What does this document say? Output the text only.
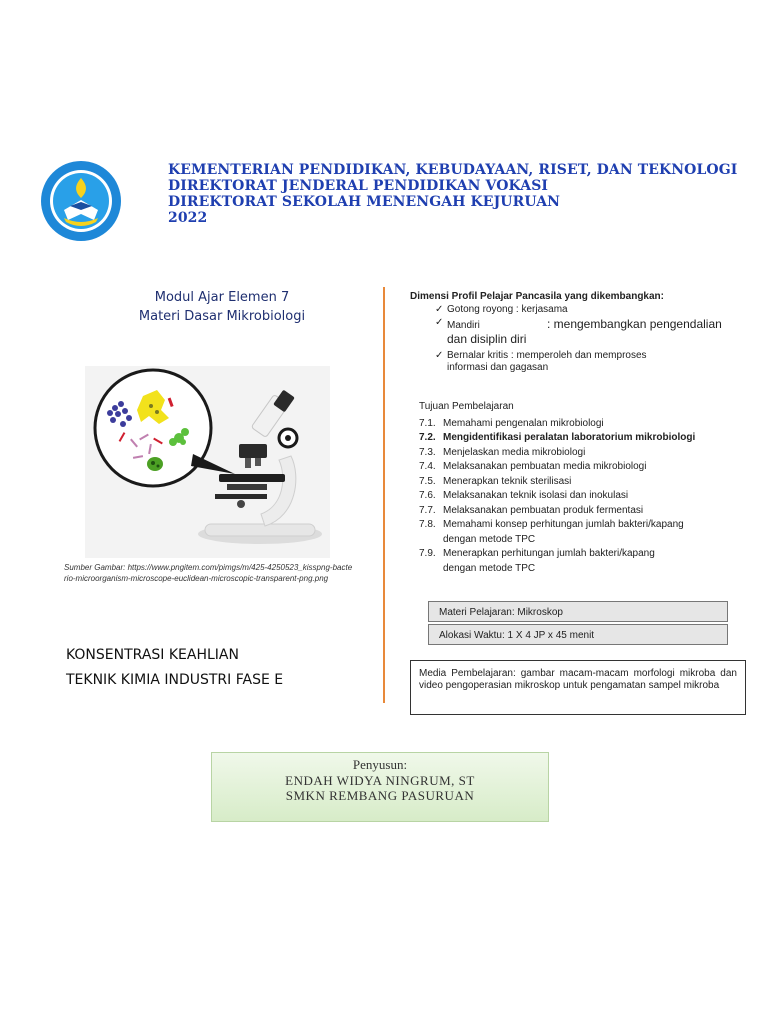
KEMENTERIAN PENDIDIKAN, KEBUDAYAAN, RISET, DAN TEKNOLOGI
DIREKTORAT JENDERAL PENDIDIKAN VOKASI
DIREKTORAT SEKOLAH MENENGAH KEJURUAN
2022
Modul Ajar Elemen 7
Materi Dasar Mikrobiologi
Sumber Gambar: https://www.pngitem.com/pimgs/m/425-4250523_kisspng-bacterio-microorganism-microscope-euclidean-microscopic-transparent-png.png
KONSENTRASI KEAHLIAN
TEKNIK KIMIA INDUSTRI FASE E
Dimensi Profil Pelajar Pancasila yang dikembangkan:
✓ Gotong royong : kerjasama
✓ Mandiri	: mengembangkan pengendalian
dan disiplin diri
✓ Bernalar kritis : memperoleh dan memproses
informasi dan gagasan
Tujuan Pembelajaran
7.1. Memahami pengenalan mikrobiologi
7.2. Mengidentifikasi peralatan laboratorium mikrobiologi
7.3. Menjelaskan media mikrobiologi
7.4. Melaksanakan pembuatan media mikrobiologi
7.5. Menerapkan teknik sterilisasi
7.6. Melaksanakan teknik isolasi dan inokulasi
7.7. Melaksanakan pembuatan produk fermentasi
7.8. Memahami konsep perhitungan jumlah bakteri/kapang
dengan metode TPC
7.9. Menerapkan perhitungan jumlah bakteri/kapang
dengan metode TPC
Materi Pelajaran: Mikroskop
Alokasi Waktu: 1 X 4 JP x 45 menit
Media Pembelajaran: gambar macam-macam morfologi mikroba dan video pengoperasian mikroskop untuk pengamatan sampel mikroba
Penyusun:
ENDAH WIDYA NINGRUM, ST
SMKN REMBANG PASURUAN
